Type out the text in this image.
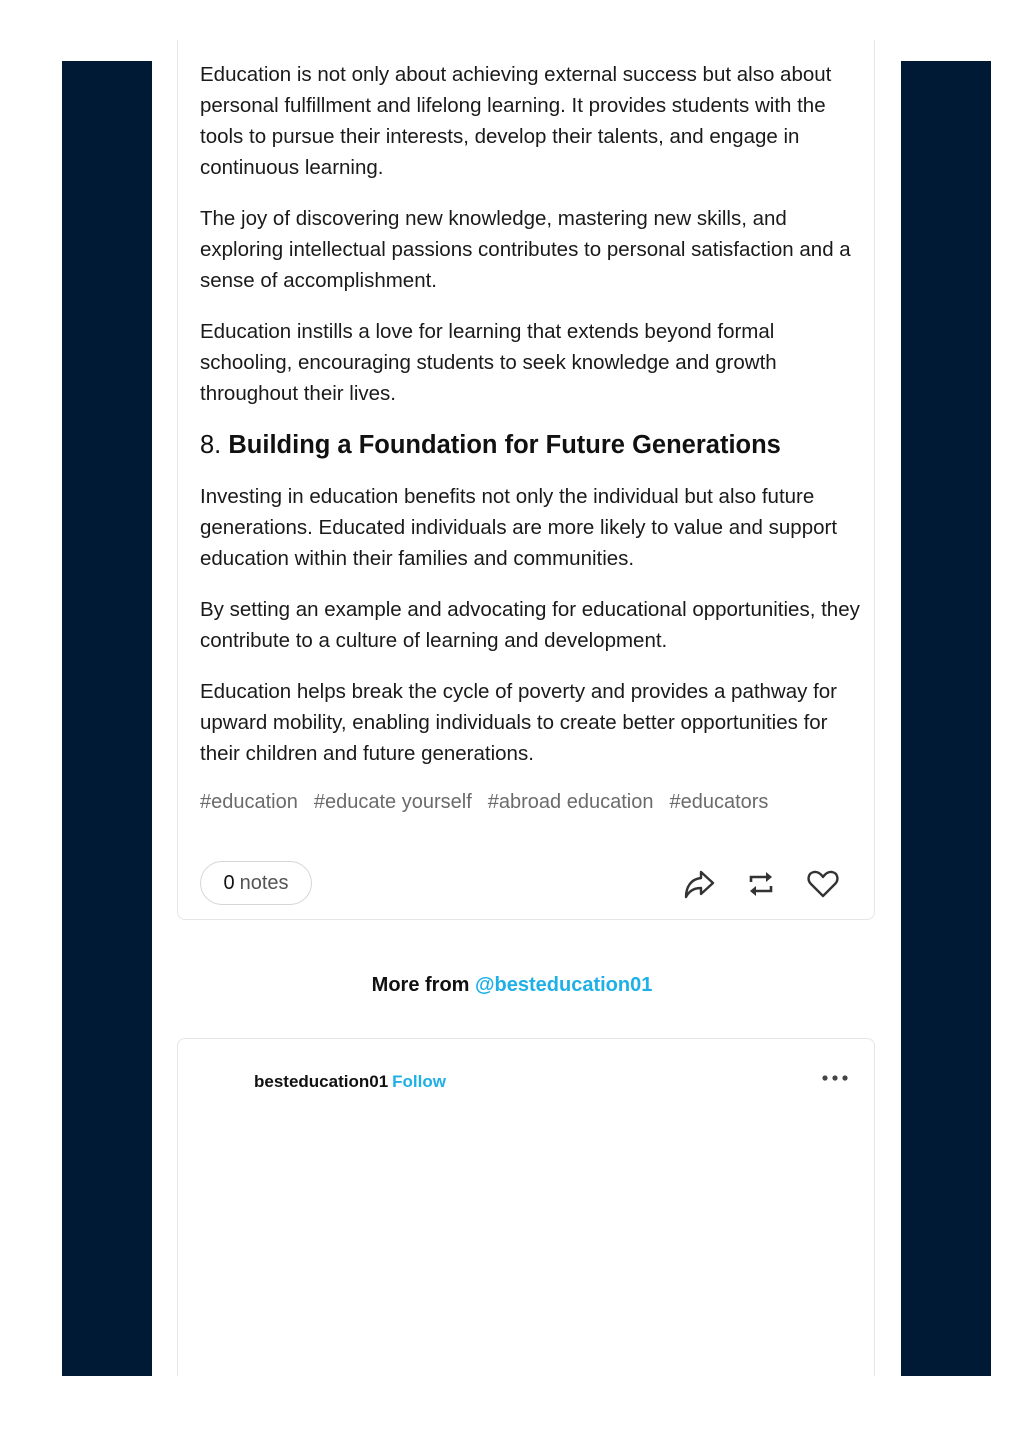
Education is not only about achieving external success but also about personal fulfillment and lifelong learning. It provides students with the tools to pursue their interests, develop their talents, and engage in continuous learning.

The joy of discovering new knowledge, mastering new skills, and exploring intellectual passions contributes to personal satisfaction and a sense of accomplishment.

Education instills a love for learning that extends beyond formal schooling, encouraging students to seek knowledge and growth throughout their lives.

8. Building a Foundation for Future Generations

Investing in education benefits not only the individual but also future generations. Educated individuals are more likely to value and support education within their families and communities.

By setting an example and advocating for educational opportunities, they contribute to a culture of learning and development.

Education helps break the cycle of poverty and provides a pathway for upward mobility, enabling individuals to create better opportunities for their children and future generations.

#education #educate yourself #abroad education #educators
0 notes
More from @besteducation01
besteducation01 Follow
